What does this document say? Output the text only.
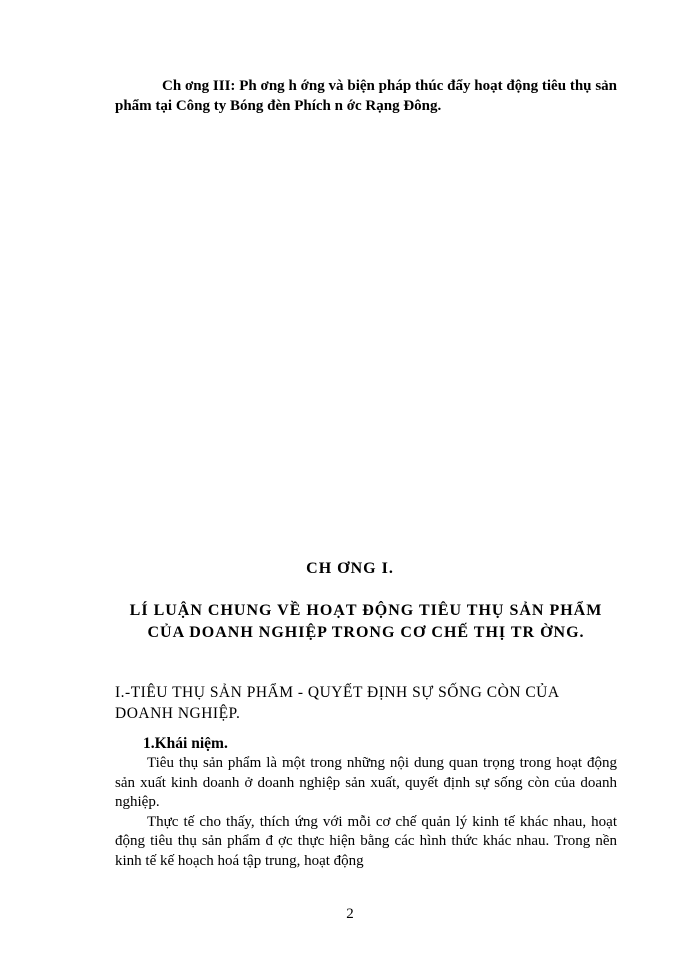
Ch ơng III: Ph ơng h ớng và biện pháp thúc đẩy hoạt động tiêu thụ sản phẩm tại Công ty Bóng đèn Phích n ớc Rạng Đông.
CH ƠNG I.
LÍ LUẬN CHUNG VỀ HOẠT ĐỘNG TIÊU THỤ SẢN PHẨM CỦA DOANH NGHIỆP TRONG CƠ CHẾ THỊ TR ỜNG.
I.-TIÊU THỤ SẢN PHẨM - QUYẾT ĐỊNH SỰ SỐNG CÒN CỦA DOANH NGHIỆP.
1.Khái niệm.

Tiêu thụ sản phẩm là một trong những nội dung quan trọng trong hoạt động sản xuất kinh doanh ở doanh nghiệp sản xuất, quyết định sự sống còn của doanh nghiệp.

Thực tế cho thấy, thích ứng với mỗi cơ chế quản lý kinh tế khác nhau, hoạt động tiêu thụ sản phẩm đ ợc thực hiện bằng các hình thức khác nhau. Trong nền kinh tế kế hoạch hoá tập trung, hoạt động

2
